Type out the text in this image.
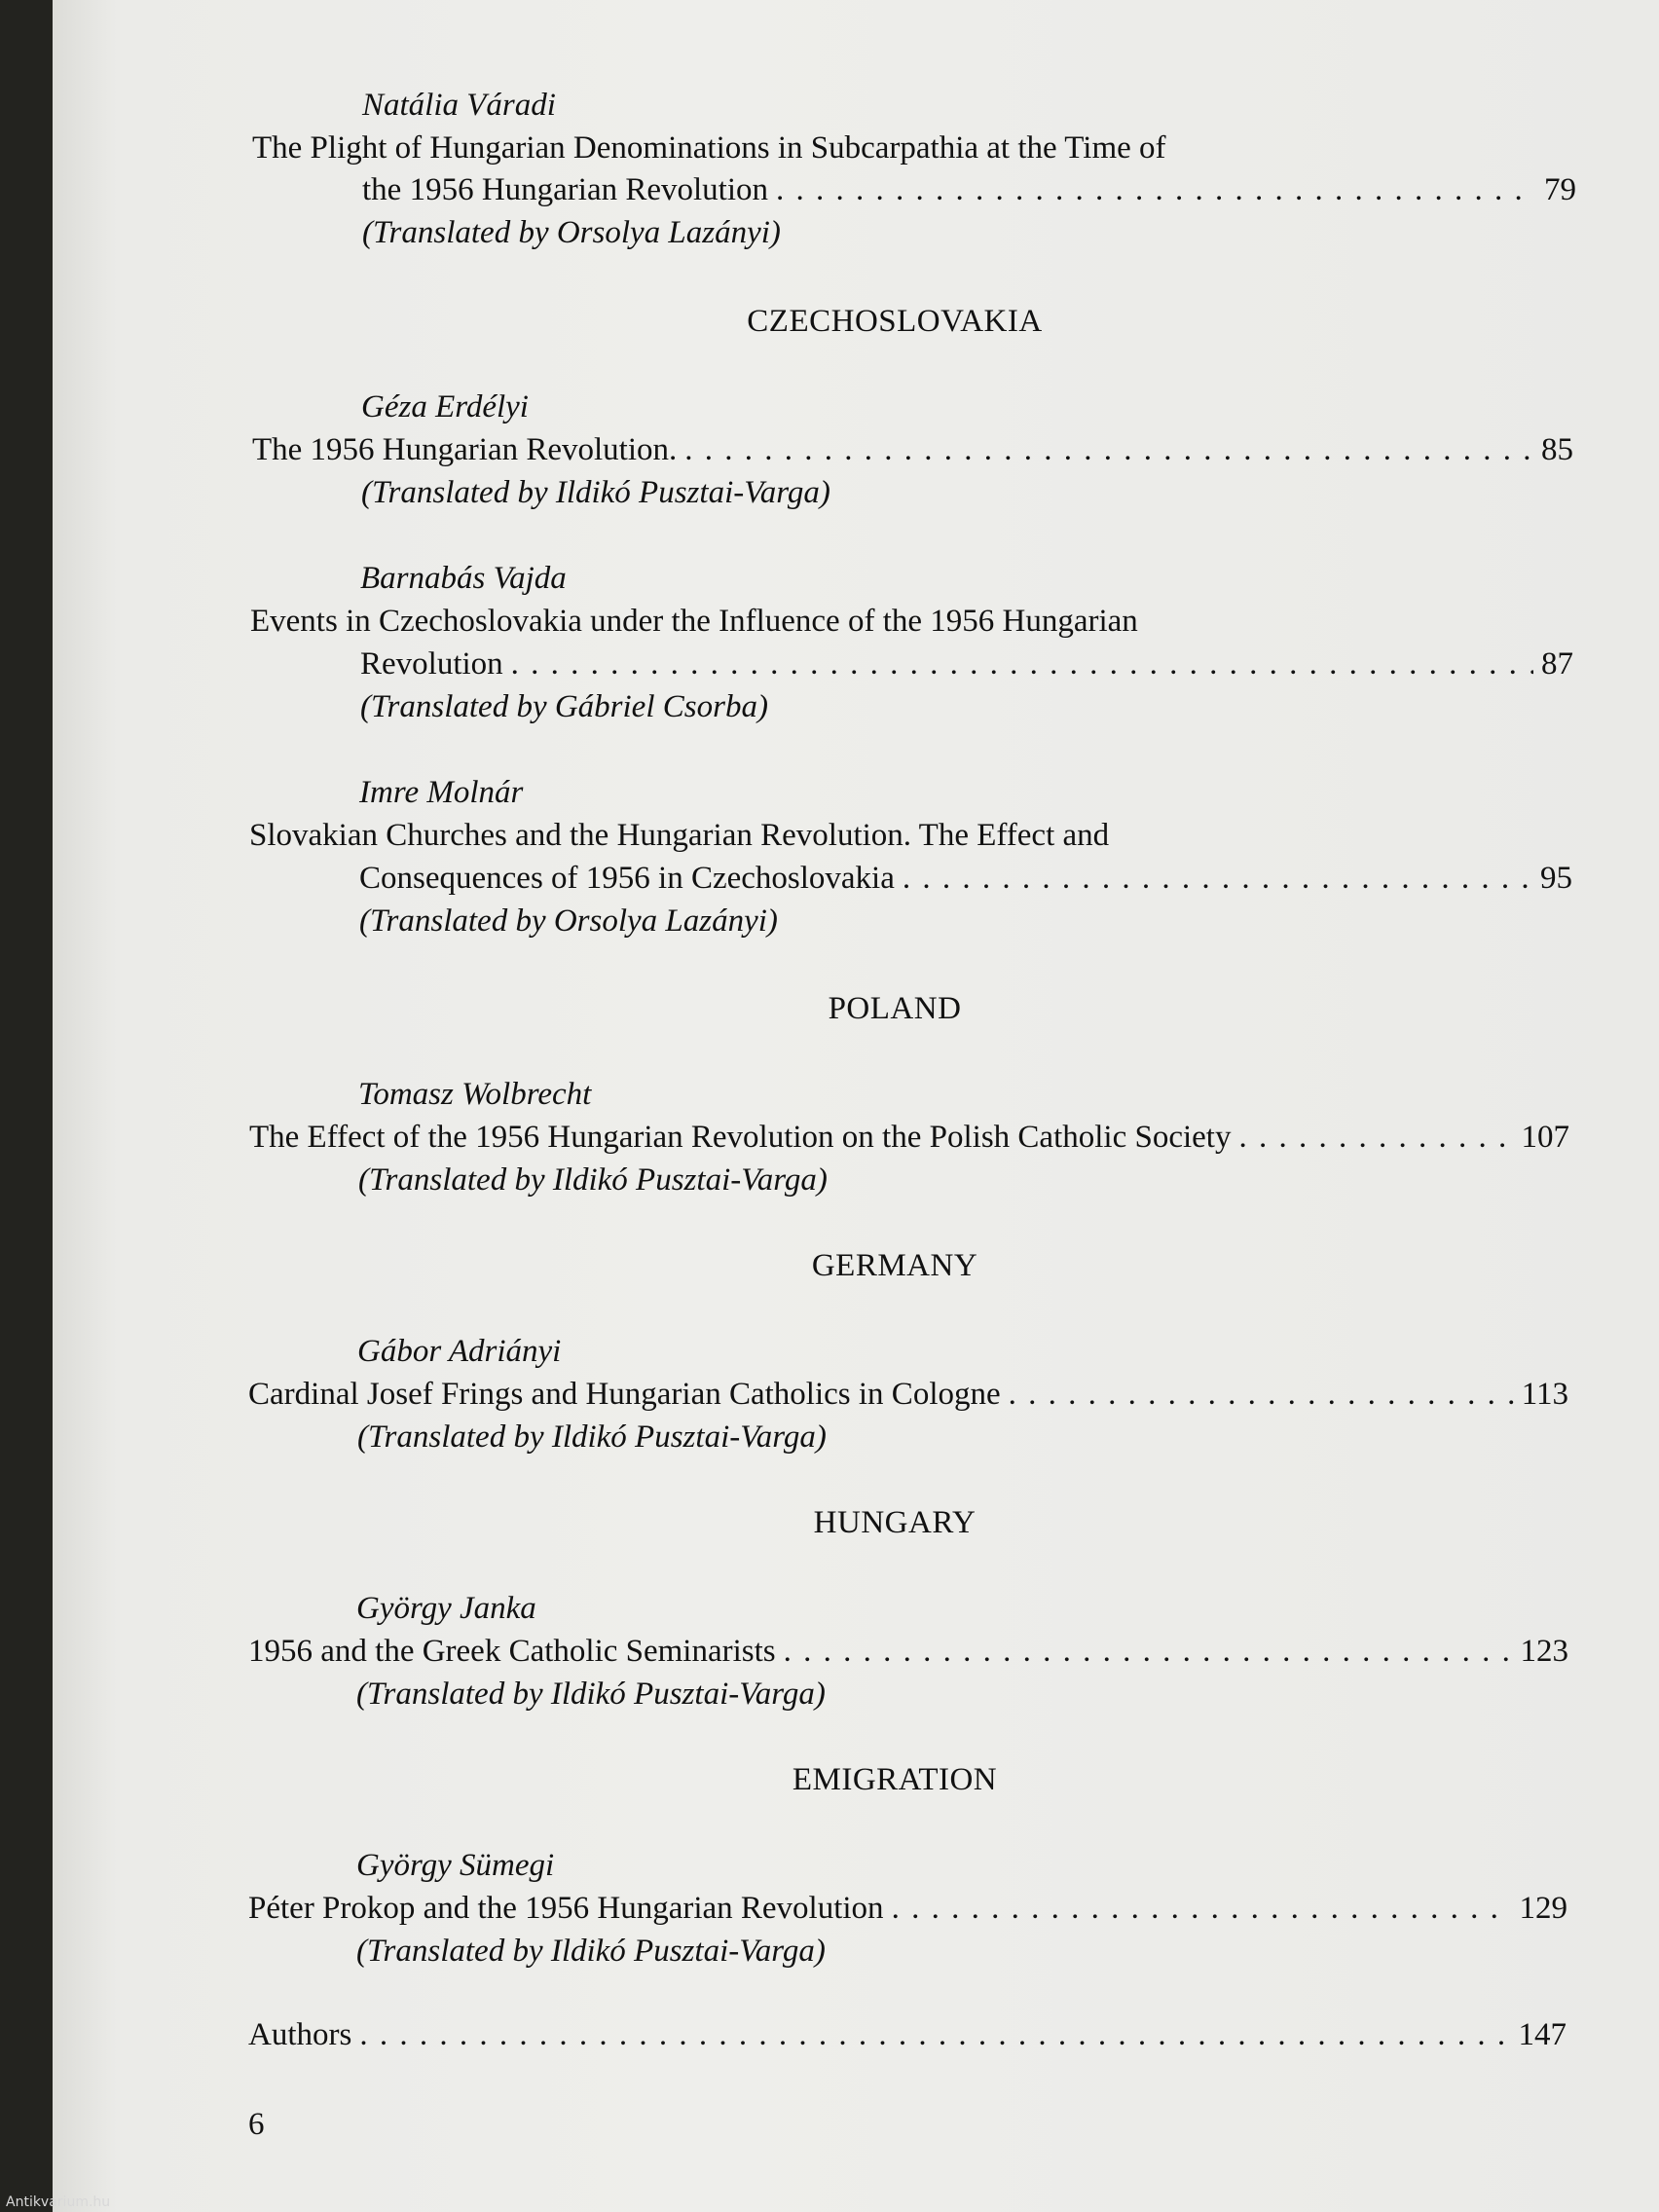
Natália Váradi
The Plight of Hungarian Denominations in Subcarpathia at the Time of
the 1956 Hungarian Revolution . . .	79
(Translated by Orsolya Lazányi)
CZECHOSLOVAKIA
Géza Erdélyi
The 1956 Hungarian Revolution. . . .	85
(Translated by Ildikó Pusztai-Varga)
Barnabás Vajda
Events in Czechoslovakia under the Influence of the 1956 Hungarian
Revolution . . .	87
(Translated by Gábriel Csorba)
Imre Molnár
Slovakian Churches and the Hungarian Revolution. The Effect and
Consequences of 1956 in Czechoslovakia . . .	95
(Translated by Orsolya Lazányi)
POLAND
Tomasz Wolbrecht
The Effect of the 1956 Hungarian Revolution on the Polish Catholic Society . . .	107
(Translated by Ildikó Pusztai-Varga)
GERMANY
Gábor Adriányi
Cardinal Josef Frings and Hungarian Catholics in Cologne . . .	113
(Translated by Ildikó Pusztai-Varga)
HUNGARY
György Janka
1956 and the Greek Catholic Seminarists . . .	123
(Translated by Ildikó Pusztai-Varga)
EMIGRATION
György Sümegi
Péter Prokop and the 1956 Hungarian Revolution . . .	129
(Translated by Ildikó Pusztai-Varga)
Authors . . .	147
6
Antikvarium.hu
